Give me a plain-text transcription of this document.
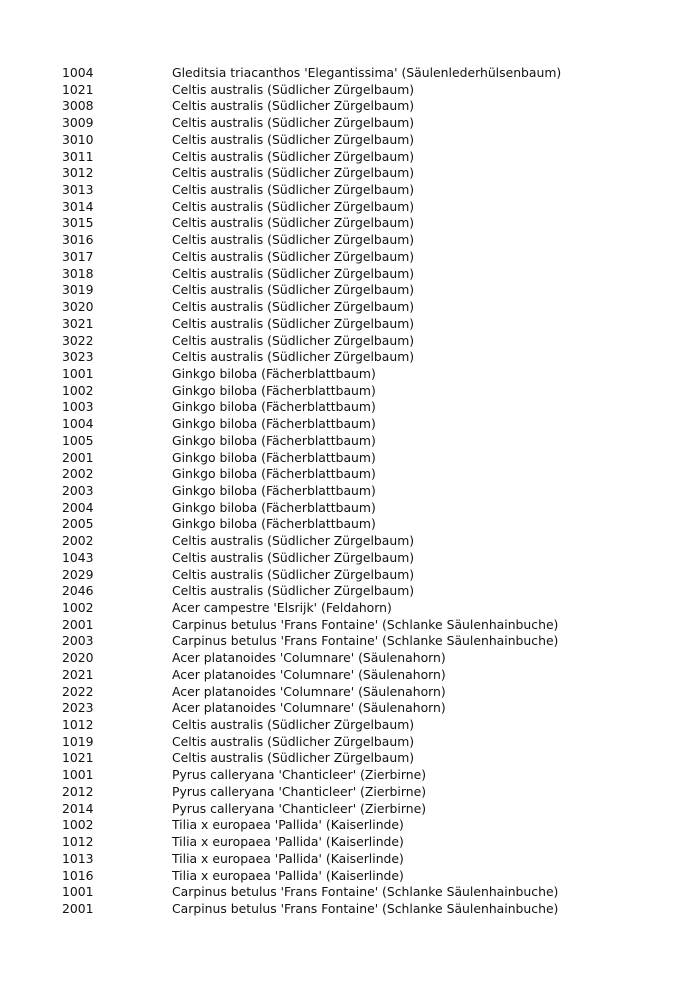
1004	Gleditsia triacanthos 'Elegantissima' (Säulenlederhülsenbaum)
1021	Celtis australis (Südlicher Zürgelbaum)
3008	Celtis australis (Südlicher Zürgelbaum)
3009	Celtis australis (Südlicher Zürgelbaum)
3010	Celtis australis (Südlicher Zürgelbaum)
3011	Celtis australis (Südlicher Zürgelbaum)
3012	Celtis australis (Südlicher Zürgelbaum)
3013	Celtis australis (Südlicher Zürgelbaum)
3014	Celtis australis (Südlicher Zürgelbaum)
3015	Celtis australis (Südlicher Zürgelbaum)
3016	Celtis australis (Südlicher Zürgelbaum)
3017	Celtis australis (Südlicher Zürgelbaum)
3018	Celtis australis (Südlicher Zürgelbaum)
3019	Celtis australis (Südlicher Zürgelbaum)
3020	Celtis australis (Südlicher Zürgelbaum)
3021	Celtis australis (Südlicher Zürgelbaum)
3022	Celtis australis (Südlicher Zürgelbaum)
3023	Celtis australis (Südlicher Zürgelbaum)
1001	Ginkgo biloba (Fächerblattbaum)
1002	Ginkgo biloba (Fächerblattbaum)
1003	Ginkgo biloba (Fächerblattbaum)
1004	Ginkgo biloba (Fächerblattbaum)
1005	Ginkgo biloba (Fächerblattbaum)
2001	Ginkgo biloba (Fächerblattbaum)
2002	Ginkgo biloba (Fächerblattbaum)
2003	Ginkgo biloba (Fächerblattbaum)
2004	Ginkgo biloba (Fächerblattbaum)
2005	Ginkgo biloba (Fächerblattbaum)
2002	Celtis australis (Südlicher Zürgelbaum)
1043	Celtis australis (Südlicher Zürgelbaum)
2029	Celtis australis (Südlicher Zürgelbaum)
2046	Celtis australis (Südlicher Zürgelbaum)
1002	Acer campestre 'Elsrijk' (Feldahorn)
2001	Carpinus betulus 'Frans Fontaine' (Schlanke Säulenhainbuche)
2003	Carpinus betulus 'Frans Fontaine' (Schlanke Säulenhainbuche)
2020	Acer platanoides 'Columnare' (Säulenahorn)
2021	Acer platanoides 'Columnare' (Säulenahorn)
2022	Acer platanoides 'Columnare' (Säulenahorn)
2023	Acer platanoides 'Columnare' (Säulenahorn)
1012	Celtis australis (Südlicher Zürgelbaum)
1019	Celtis australis (Südlicher Zürgelbaum)
1021	Celtis australis (Südlicher Zürgelbaum)
1001	Pyrus calleryana 'Chanticleer' (Zierbirne)
2012	Pyrus calleryana 'Chanticleer' (Zierbirne)
2014	Pyrus calleryana 'Chanticleer' (Zierbirne)
1002	Tilia x europaea 'Pallida' (Kaiserlinde)
1012	Tilia x europaea 'Pallida' (Kaiserlinde)
1013	Tilia x europaea 'Pallida' (Kaiserlinde)
1016	Tilia x europaea 'Pallida' (Kaiserlinde)
1001	Carpinus betulus 'Frans Fontaine' (Schlanke Säulenhainbuche)
2001	Carpinus betulus 'Frans Fontaine' (Schlanke Säulenhainbuche)
